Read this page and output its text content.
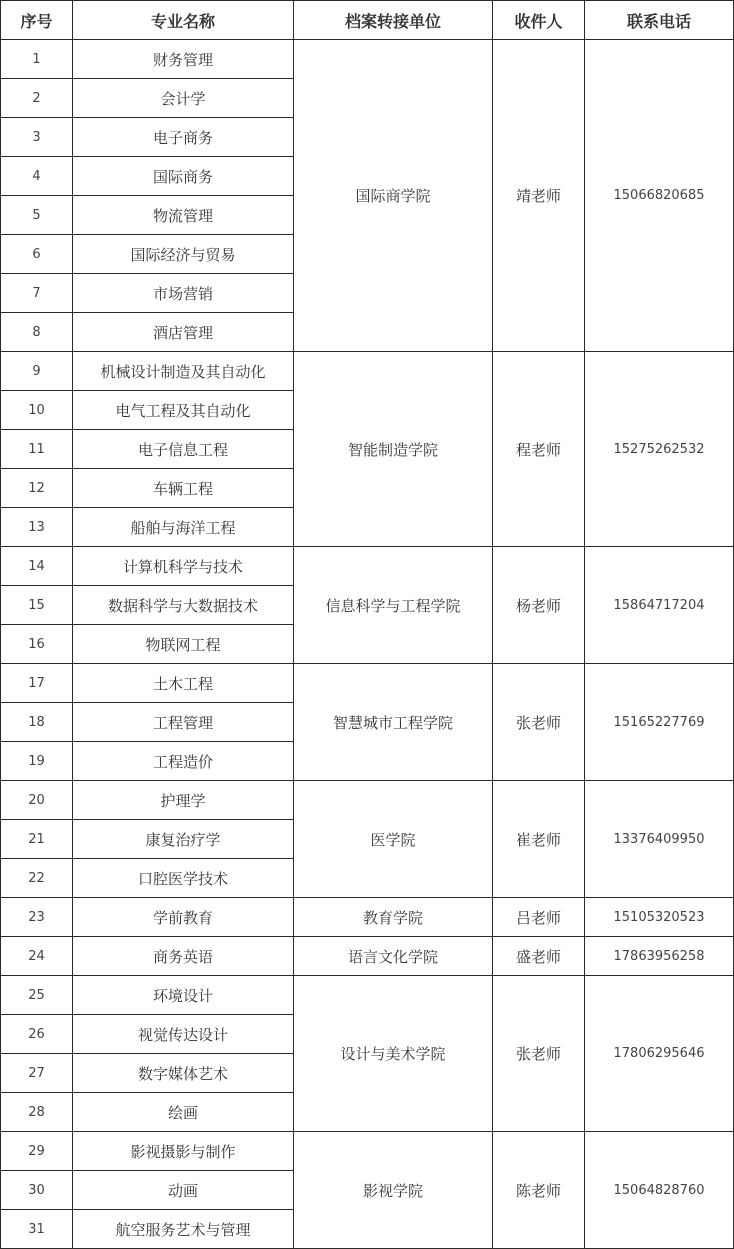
序号	专业名称	档案转接单位	收件人	联系电话
1	财务管理	国际商学院	靖老师	15066820685
2	会计学			
3	电子商务			
4	国际商务			
5	物流管理			
6	国际经济与贸易			
7	市场营销			
8	酒店管理			
9	机械设计制造及其自动化	智能制造学院	程老师	15275262532
10	电气工程及其自动化			
11	电子信息工程			
12	车辆工程			
13	船舶与海洋工程			
14	计算机科学与技术	信息科学与工程学院	杨老师	15864717204
15	数据科学与大数据技术			
16	物联网工程			
17	土木工程	智慧城市工程学院	张老师	15165227769
18	工程管理			
19	工程造价			
20	护理学	医学院	崔老师	13376409950
21	康复治疗学			
22	口腔医学技术			
23	学前教育	教育学院	吕老师	15105320523
24	商务英语	语言文化学院	盛老师	17863956258
25	环境设计	设计与美术学院	张老师	17806295646
26	视觉传达设计			
27	数字媒体艺术			
28	绘画			
29	影视摄影与制作	影视学院	陈老师	15064828760
30	动画			
31	航空服务艺术与管理			
